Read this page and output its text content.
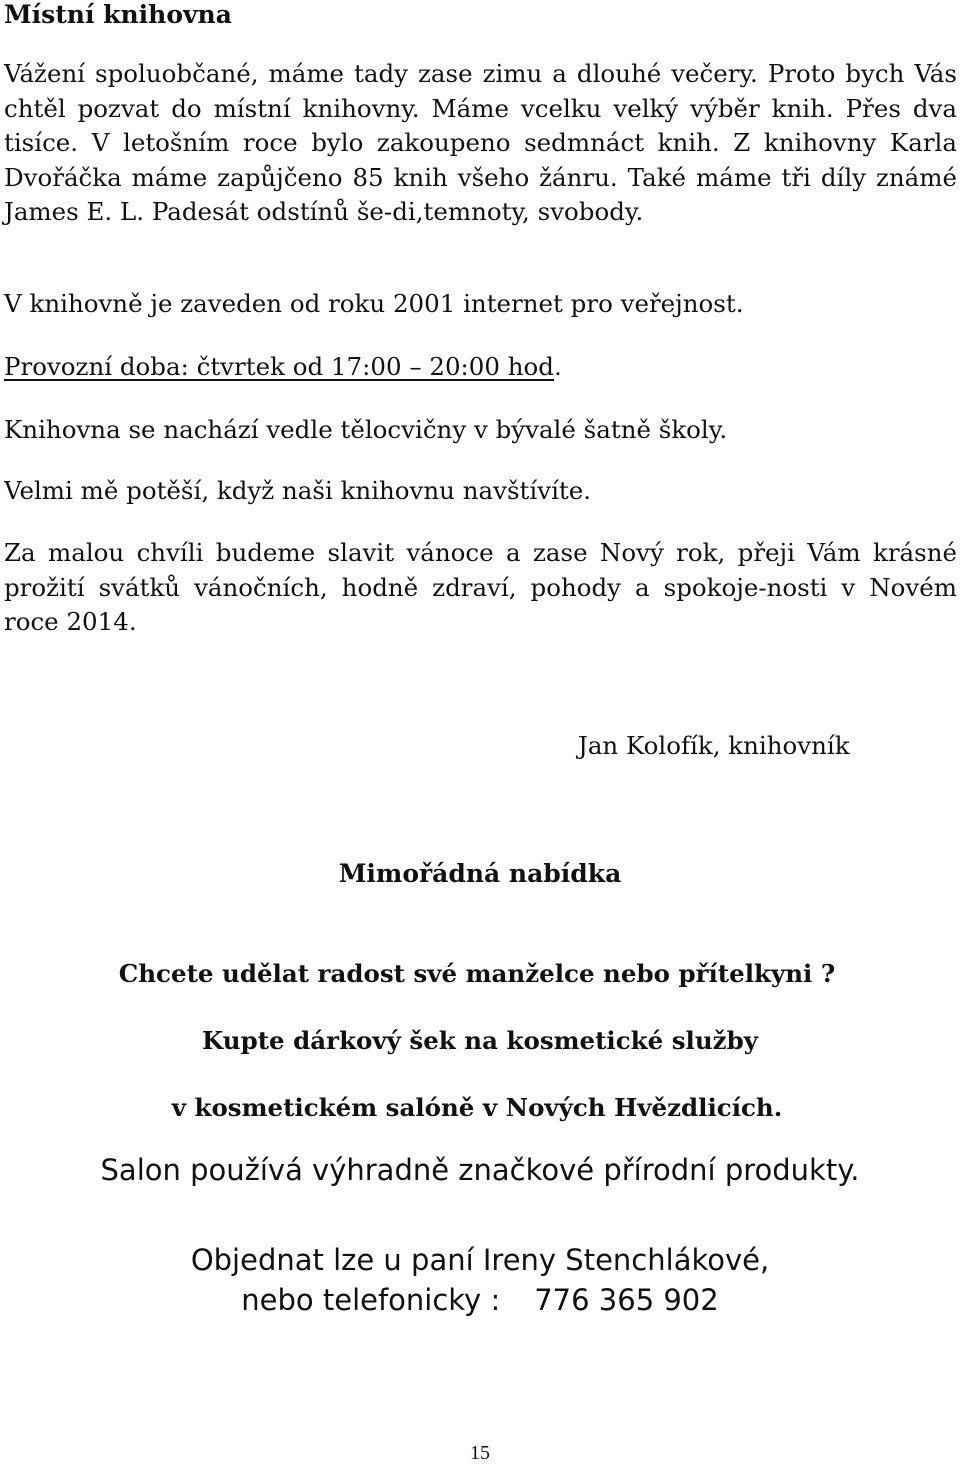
Místní knihovna

Vážení spoluobčané, máme tady zase zimu a dlouhé večery. Proto bych Vás chtěl pozvat do místní knihovny. Máme vcelku velký výběr knih. Přes dva tisíce. V letošním roce bylo zakoupeno sedmnáct knih. Z knihovny Karla Dvořáčka máme zapůjčeno 85 knih všeho žánru. Také máme tři díly známé James E. L. Padesát odstínů še-di,temnoty, svobody.

V knihovně je zaveden od roku 2001 internet pro veřejnost.

Provozní doba: čtvrtek od 17:00 – 20:00 hod.

Knihovna se nachází vedle tělocvičny v bývalé šatně školy.

Velmi mě potěší, když naši knihovnu navštívíte.

Za malou chvíli budeme slavit vánoce a zase Nový rok, přeji Vám krásné prožití svátků vánočních, hodně zdraví, pohody a spokoje-nosti v Novém roce 2014.

Jan Kolofík, knihovník
Mimořádná nabídka
Chcete udělat radost své manželce nebo přítelkyni ?
Kupte dárkový šek na kosmetické služby
v kosmetickém salóně v Nových Hvězdlicích.
Salon používá výhradně značkové přírodní produkty.
Objednat lze u paní Ireny Stenchlákové,
nebo telefonicky : 776 365 902
15
